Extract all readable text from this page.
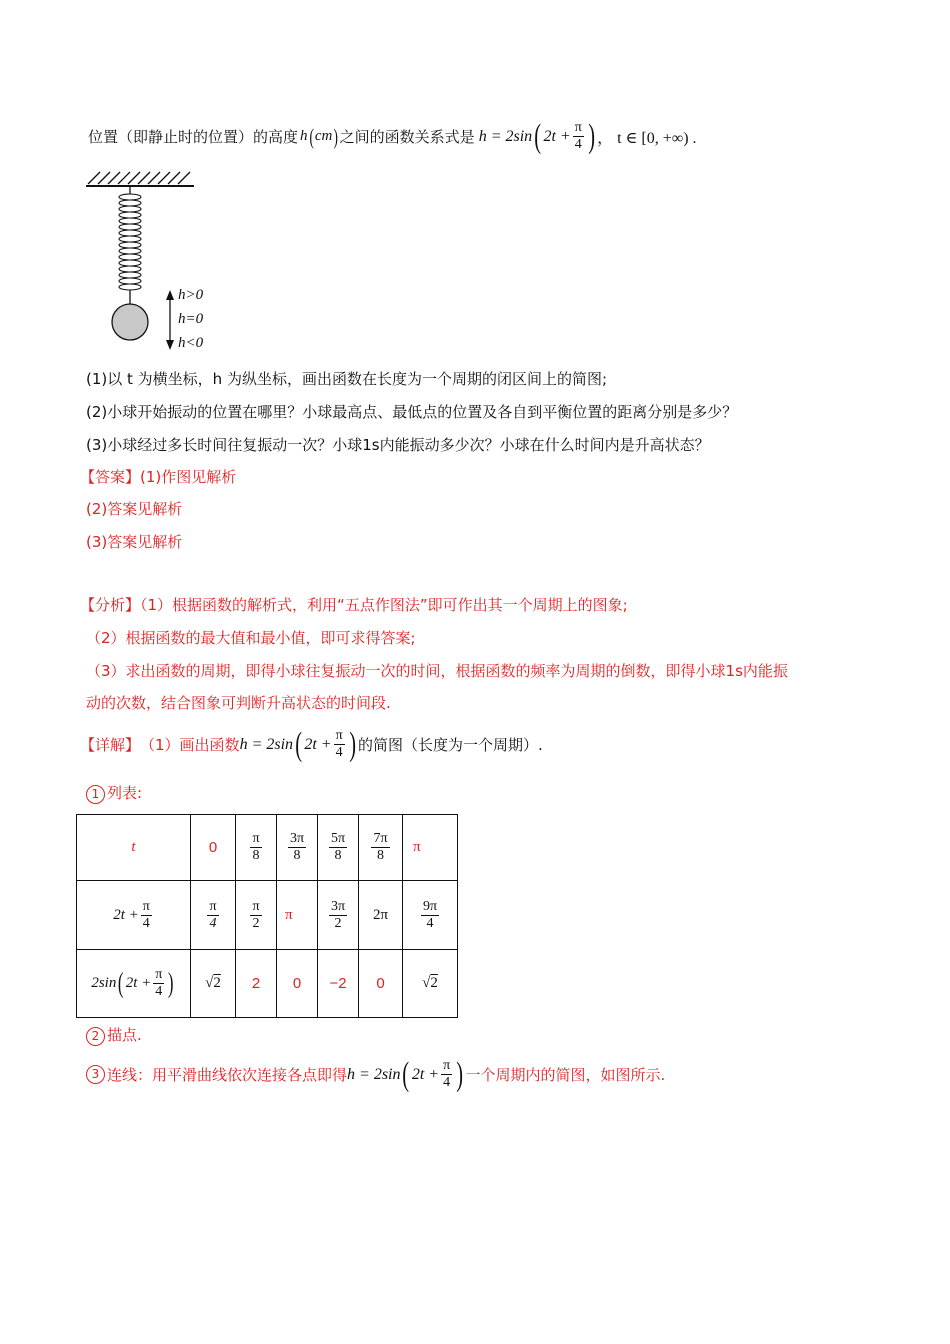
位置（即静止时的位置）的高度 h ( cm ) 之间的函数关系式是 h = 2sin ( $2t + \frac{\pi}{4}$ ) ， t ∈ [0, +∞) .
h>0
h=0
h<0
(1)以 t 为横坐标，h 为纵坐标，画出函数在长度为一个周期的闭区间上的简图;
(2)小球开始振动的位置在哪里？小球最高点、最低点的位置及各自到平衡位置的距离分别是多少？
(3)小球经过多长时间往复振动一次？小球1s内能振动多少次？小球在什么时间内是升高状态？
【答案】(1)作图见解析
(2)答案见解析
(3)答案见解析
【分析】（1）根据函数的解析式，利用“五点作图法”即可作出其一个周期上的图象;
（2）根据函数的最大值和最小值，即可求得答案;
（3）求出函数的周期，即得小球往复振动一次的时间，根据函数的频率为周期的倒数，即得小球1s内能振
动的次数，结合图象可判断升高状态的时间段.
【详解】 （1）画出函数 h = 2sin ( $2t + \frac{\pi}{4}$ ) 的简图（长度为一个周期）.
1 列表:
t	0	$\frac{\pi}{8}$	$\frac{3\pi}{8}$	$\frac{5\pi}{8}$	$\frac{7\pi}{8}$	π
$2t + \frac{\pi}{4}$	$\frac{\pi}{4}$	$\frac{\pi}{2}$	π	$\frac{3\pi}{2}$	2π	$\frac{9\pi}{4}$

2sin( $2t + \frac{\pi}{4}$ )	√2	2	0	−2	0	√2
2 描点.
3 连线：用平滑曲线依次连接各点即得 h = 2sin ( $2t + \frac{\pi}{4}$ ) 一个周期内的简图，如图所示.
